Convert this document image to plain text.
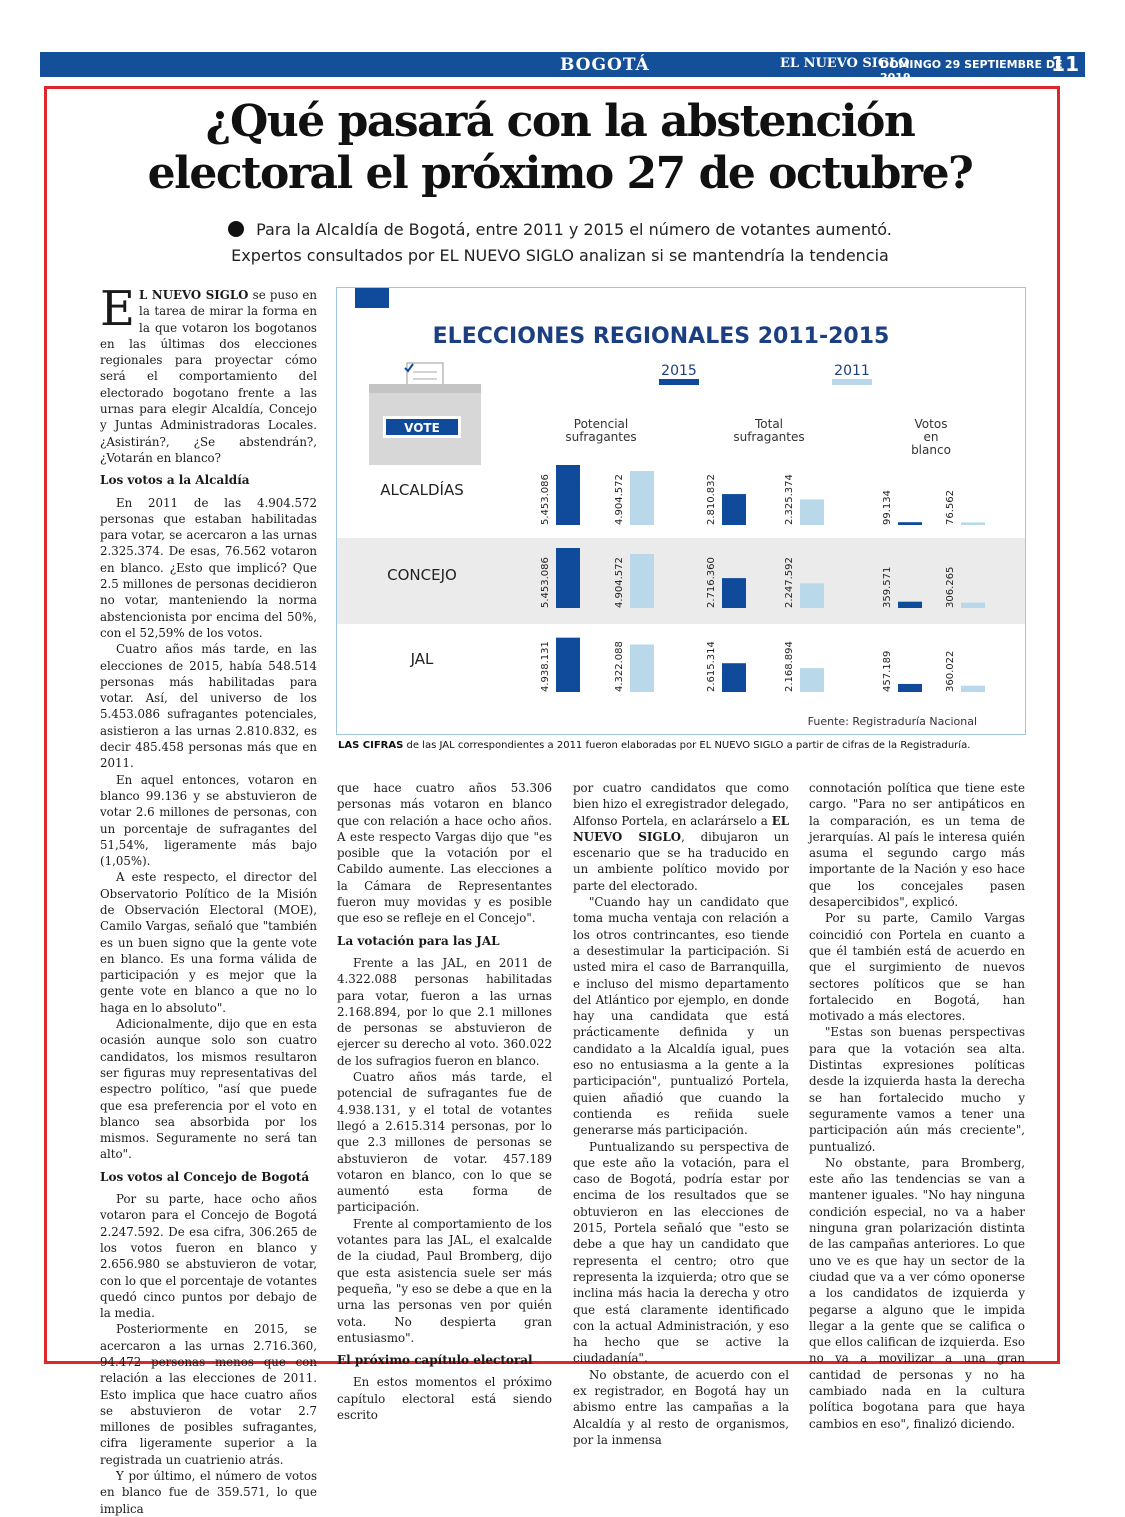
BOGOTÁ	EL NUEVO SIGLO
DOMINGO 29 SEPTIEMBRE DE 2019
11
¿Qué pasará con la abstención
electoral el próximo 27 de octubre?
Para la Alcaldía de Bogotá, entre 2011 y 2015 el número de votantes aumentó.
Expertos consultados por EL NUEVO SIGLO analizan si se mantendría la tendencia

E L NUEVO SIGLO se puso en la tarea de mirar la forma en la que votaron los bogotanos en las últimas dos elecciones regionales para proyectar cómo será el comportamiento del electorado bogotano frente a las urnas para elegir Alcaldía, Concejo y Juntas Administradoras Locales. ¿Asistirán?, ¿Se abstendrán?, ¿Votarán en blanco?

Los votos a la Alcaldía

En 2011 de las 4.904.572 personas que estaban habilitadas para votar, se acercaron a las urnas 2.325.374. De esas, 76.562 votaron en blanco. ¿Esto que implicó? Que 2.5 millones de personas decidieron no votar, manteniendo la norma abstencionista por encima del 50%, con el 52,59% de los votos.

Cuatro años más tarde, en las elecciones de 2015, había 548.514 personas más habilitadas para votar. Así, del universo de los 5.453.086 sufragantes potenciales, asistieron a las urnas 2.810.832, es decir 485.458 personas más que en 2011.

En aquel entonces, votaron en blanco 99.136 y se abstuvieron de votar 2.6 millones de personas, con un porcentaje de sufragantes del 51,54%, ligeramente más bajo (1,05%).

A este respecto, el director del Observatorio Político de la Misión de Observación Electoral (MOE), Camilo Vargas, señaló que "también es un buen signo que la gente vote en blanco. Es una forma válida de participación y es mejor que la gente vote en blanco a que no lo haga en lo absoluto".

Adicionalmente, dijo que en esta ocasión aunque solo son cuatro candidatos, los mismos resultaron ser figuras muy representativas del espectro político, "así que puede que esa preferencia por el voto en blanco sea absorbida por los mismos. Seguramente no será tan alto".

Los votos al Concejo de Bogotá

Por su parte, hace ocho años votaron para el Concejo de Bogotá 2.247.592. De esa cifra, 306.265 de los votos fueron en blanco y 2.656.980 se abstuvieron de votar, con lo que el porcentaje de votantes quedó cinco puntos por debajo de la media.

Posteriormente en 2015, se acercaron a las urnas 2.716.360, 94.472 personas menos que con relación a las elecciones de 2011. Esto implica que hace cuatro años se abstuvieron de votar 2.7 millones de posibles sufragantes, cifra ligeramente superior a la registrada un cuatrienio atrás.

Y por último, el número de votos en blanco fue de 359.571, lo que implica

ELECCIONES REGIONALES 2011-2015
2015	2011
VOTE
ALCALDÍAS
CONCEJO
JAL
Potencial
sufragantes
Total
sufragantes
Votos
en
blanco
5.453.086	2.810.832	99.134
4.904.572	2.325.374	76.562
5.453.086	2.716.360	359.571
4.904.572	2.247.592	306.265
4.938.131	2.615.314	457.189
4.322.088	2.168.894	360.022
Fuente: Registraduría Nacional
LAS CIFRAS de las JAL correspondientes a 2011 fueron elaboradas por EL NUEVO SIGLO a partir de cifras de la Registraduría.

que hace cuatro años 53.306 personas más votaron en blanco que con relación a hace ocho años. A este respecto Vargas dijo que "es posible que la votación por el Cabildo aumente. Las elecciones a la Cámara de Representantes fueron muy movidas y es posible que eso se refleje en el Concejo".

La votación para las JAL

Frente a las JAL, en 2011 de 4.322.088 personas habilitadas para votar, fueron a las urnas 2.168.894, por lo que 2.1 millones de personas se abstuvieron de ejercer su derecho al voto. 360.022 de los sufragios fueron en blanco.

Cuatro años más tarde, el potencial de sufragantes fue de 4.938.131, y el total de votantes llegó a 2.615.314 personas, por lo que 2.3 millones de personas se abstuvieron de votar. 457.189 votaron en blanco, con lo que se aumentó esta forma de participación.

Frente al comportamiento de los votantes para las JAL, el exalcalde de la ciudad, Paul Bromberg, dijo que esta asistencia suele ser más pequeña, "y eso se debe a que en la urna las personas ven por quién vota. No despierta gran entusiasmo".

El próximo capítulo electoral

En estos momentos el próximo capítulo electoral está siendo escrito

por cuatro candidatos que como bien hizo el exregistrador delegado, Alfonso Portela, en aclarárselo a EL NUEVO SIGLO, dibujaron un escenario que se ha traducido en un ambiente político movido por parte del electorado.

"Cuando hay un candidato que toma mucha ventaja con relación a los otros contrincantes, eso tiende a desestimular la participación. Si usted mira el caso de Barranquilla, e incluso del mismo departamento del Atlántico por ejemplo, en donde hay una candidata que está prácticamente definida y un candidato a la Alcaldía igual, pues eso no entusiasma a la gente a la participación", puntualizó Portela, quien añadió que cuando la contienda es reñida suele generarse más participación.

Puntualizando su perspectiva de que este año la votación, para el caso de Bogotá, podría estar por encima de los resultados que se obtuvieron en las elecciones de 2015, Portela señaló que "esto se debe a que hay un candidato que representa el centro; otro que representa la izquierda; otro que se inclina más hacia la derecha y otro que está claramente identificado con la actual Administración, y eso ha hecho que se active la ciudadanía".

No obstante, de acuerdo con el ex registrador, en Bogotá hay un abismo entre las campañas a la Alcaldía y al resto de organismos, por la inmensa

connotación política que tiene este cargo. "Para no ser antipáticos en la comparación, es un tema de jerarquías. Al país le interesa quién asuma el segundo cargo más importante de la Nación y eso hace que los concejales pasen desapercibidos", explicó.

Por su parte, Camilo Vargas coincidió con Portela en cuanto a que él también está de acuerdo en que el surgimiento de nuevos sectores políticos que se han fortalecido en Bogotá, han motivado a más electores.

"Estas son buenas perspectivas para que la votación sea alta. Distintas expresiones políticas desde la izquierda hasta la derecha se han fortalecido mucho y seguramente vamos a tener una participación aún más creciente", puntualizó.

No obstante, para Bromberg, este año las tendencias se van a mantener iguales. "No hay ninguna condición especial, no va a haber ninguna gran polarización distinta de las campañas anteriores. Lo que uno ve es que hay un sector de la ciudad que va a ver cómo oponerse a los candidatos de izquierda y pegarse a alguno que le impida llegar a la gente que se califica o que ellos califican de izquierda. Eso no va a movilizar a una gran cantidad de personas y no ha cambiado nada en la cultura política bogotana para que haya cambios en eso", finalizó diciendo.
